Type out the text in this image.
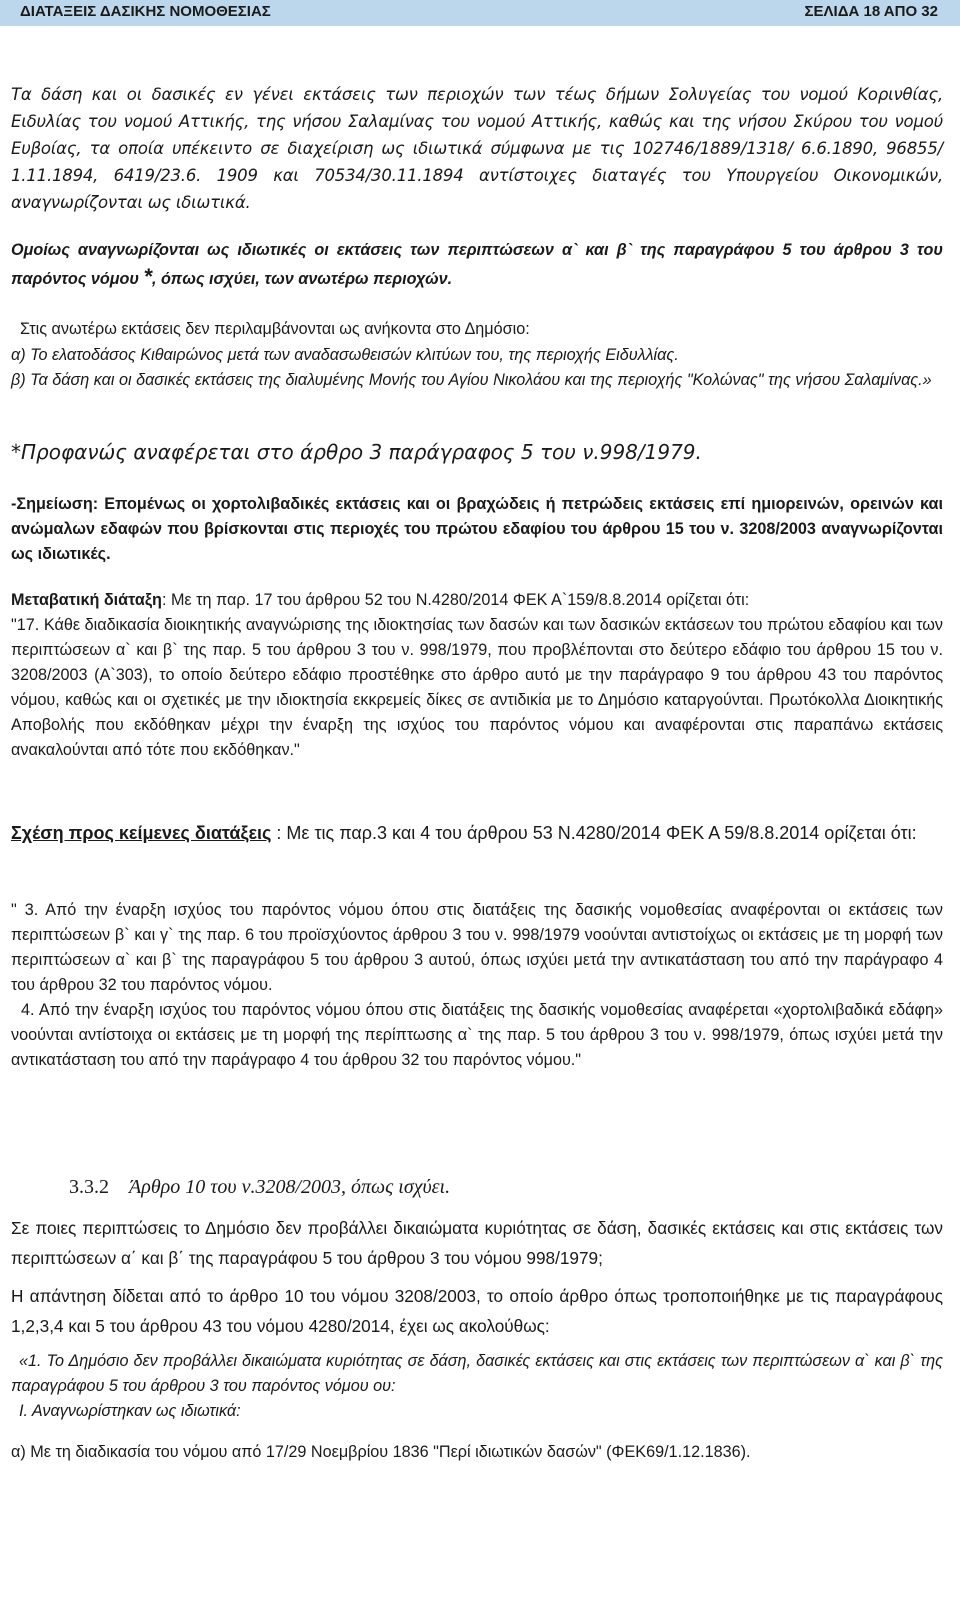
ΔΙΑΤΑΞΕΙΣ ΔΑΣΙΚΗΣ ΝΟΜΟΘΕΣΙΑΣ	ΣΕΛΙΔΑ 18 ΑΠΟ 32

Τα δάση και οι δασικές εν γένει εκτάσεις των περιοχών των τέως δήμων Σολυγείας του νομού Κορινθίας, Ειδυλίας του νομού Αττικής, της νήσου Σαλαμίνας του νομού Αττικής, καθώς και της νήσου Σκύρου του νομού Ευβοίας, τα οποία υπέκειντο σε διαχείριση ως ιδιωτικά σύμφωνα με τις 102746/1889/1318/ 6.6.1890, 96855/ 1.11.1894, 6419/23.6. 1909 και 70534/30.11.1894 αντίστοιχες διαταγές του Υπουργείου Οικονομικών, αναγνωρίζονται ως ιδιωτικά.

Ομοίως αναγνωρίζονται ως ιδιωτικές οι εκτάσεις των περιπτώσεων α` και β` της παραγράφου 5 του άρθρου 3 του παρόντος νόμου *, όπως ισχύει, των ανωτέρω περιοχών.

Στις ανωτέρω εκτάσεις δεν περιλαμβάνονται ως ανήκοντα στο Δημόσιο:
α) Το ελατοδάσος Κιθαιρώνος μετά των αναδασωθεισών κλιτύων του, της περιοχής Ειδυλλίας.
β) Τα δάση και οι δασικές εκτάσεις της διαλυμένης Μονής του Αγίου Νικολάου και της περιοχής "Κολώνας" της νήσου Σαλαμίνας.»

*Προφανώς αναφέρεται στο άρθρο 3 παράγραφος 5 του ν.998/1979.

-Σημείωση: Επομένως οι χορτολιβαδικές εκτάσεις και οι βραχώδεις ή πετρώδεις εκτάσεις επί ημιορεινών, ορεινών και ανώμαλων εδαφών που βρίσκονται στις περιοχές του πρώτου εδαφίου του άρθρου 15 του ν. 3208/2003 αναγνωρίζονται ως ιδιωτικές.

Μεταβατική διάταξη: Με τη παρ. 17 του άρθρου 52 του Ν.4280/2014 ΦΕΚ Α`159/8.8.2014 ορίζεται ότι:
"17. Κάθε διαδικασία διοικητικής αναγνώρισης της ιδιοκτησίας των δασών και των δασικών εκτάσεων του πρώτου εδαφίου και των περιπτώσεων α` και β` της παρ. 5 του άρθρου 3 του ν. 998/1979, που προβλέπονται στο δεύτερο εδάφιο του άρθρου 15 του ν. 3208/2003 (Α`303), το οποίο δεύτερο εδάφιο προστέθηκε στο άρθρο αυτό με την παράγραφο 9 του άρθρου 43 του παρόντος νόμου, καθώς και οι σχετικές με την ιδιοκτησία εκκρεμείς δίκες σε αντιδικία με το Δημόσιο καταργούνται. Πρωτόκολλα Διοικητικής Αποβολής που εκδόθηκαν μέχρι την έναρξη της ισχύος του παρόντος νόμου και αναφέρονται στις παραπάνω εκτάσεις ανακαλούνται από τότε που εκδόθηκαν."

Σχέση προς κείμενες διατάξεις : Με τις παρ.3 και 4 του άρθρου 53 Ν.4280/2014 ΦΕΚ Α 59/8.8.2014 ορίζεται ότι:

" 3. Από την έναρξη ισχύος του παρόντος νόμου όπου στις διατάξεις της δασικής νομοθεσίας αναφέρονται οι εκτάσεις των περιπτώσεων β` και γ` της παρ. 6 του προϊσχύοντος άρθρου 3 του ν. 998/1979 νοούνται αντιστοίχως οι εκτάσεις με τη μορφή των περιπτώσεων α` και β` της παραγράφου 5 του άρθρου 3 αυτού, όπως ισχύει μετά την αντικατάσταση του από την παράγραφο 4 του άρθρου 32 του παρόντος νόμου.
4. Από την έναρξη ισχύος του παρόντος νόμου όπου στις διατάξεις της δασικής νομοθεσίας αναφέρεται «χορτολιβαδικά εδάφη» νοούνται αντίστοιχα οι εκτάσεις με τη μορφή της περίπτωσης α` της παρ. 5 του άρθρου 3 του ν. 998/1979, όπως ισχύει μετά την αντικατάσταση του από την παράγραφο 4 του άρθρου 32 του παρόντος νόμου."
3.3.2 Άρθρο 10 του ν.3208/2003, όπως ισχύει.

Σε ποιες περιπτώσεις το Δημόσιο δεν προβάλλει δικαιώματα κυριότητας σε δάση, δασικές εκτάσεις και στις εκτάσεις των περιπτώσεων α΄ και β΄ της παραγράφου 5 του άρθρου 3 του νόμου 998/1979;

Η απάντηση δίδεται από το άρθρο 10 του νόμου 3208/2003, το οποίο άρθρο όπως τροποποιήθηκε με τις παραγράφους 1,2,3,4 και 5 του άρθρου 43 του νόμου 4280/2014, έχει ως ακολούθως:

«1. Το Δημόσιο δεν προβάλλει δικαιώματα κυριότητας σε δάση, δασικές εκτάσεις και στις εκτάσεις των περιπτώσεων α` και β` της παραγράφου 5 του άρθρου 3 του παρόντος νόμου ου:
Ι. Αναγνωρίστηκαν ως ιδιωτικά:

α) Με τη διαδικασία του νόμου από 17/29 Νοεμβρίου 1836 "Περί ιδιωτικών δασών" (ΦΕΚ69/1.12.1836).
